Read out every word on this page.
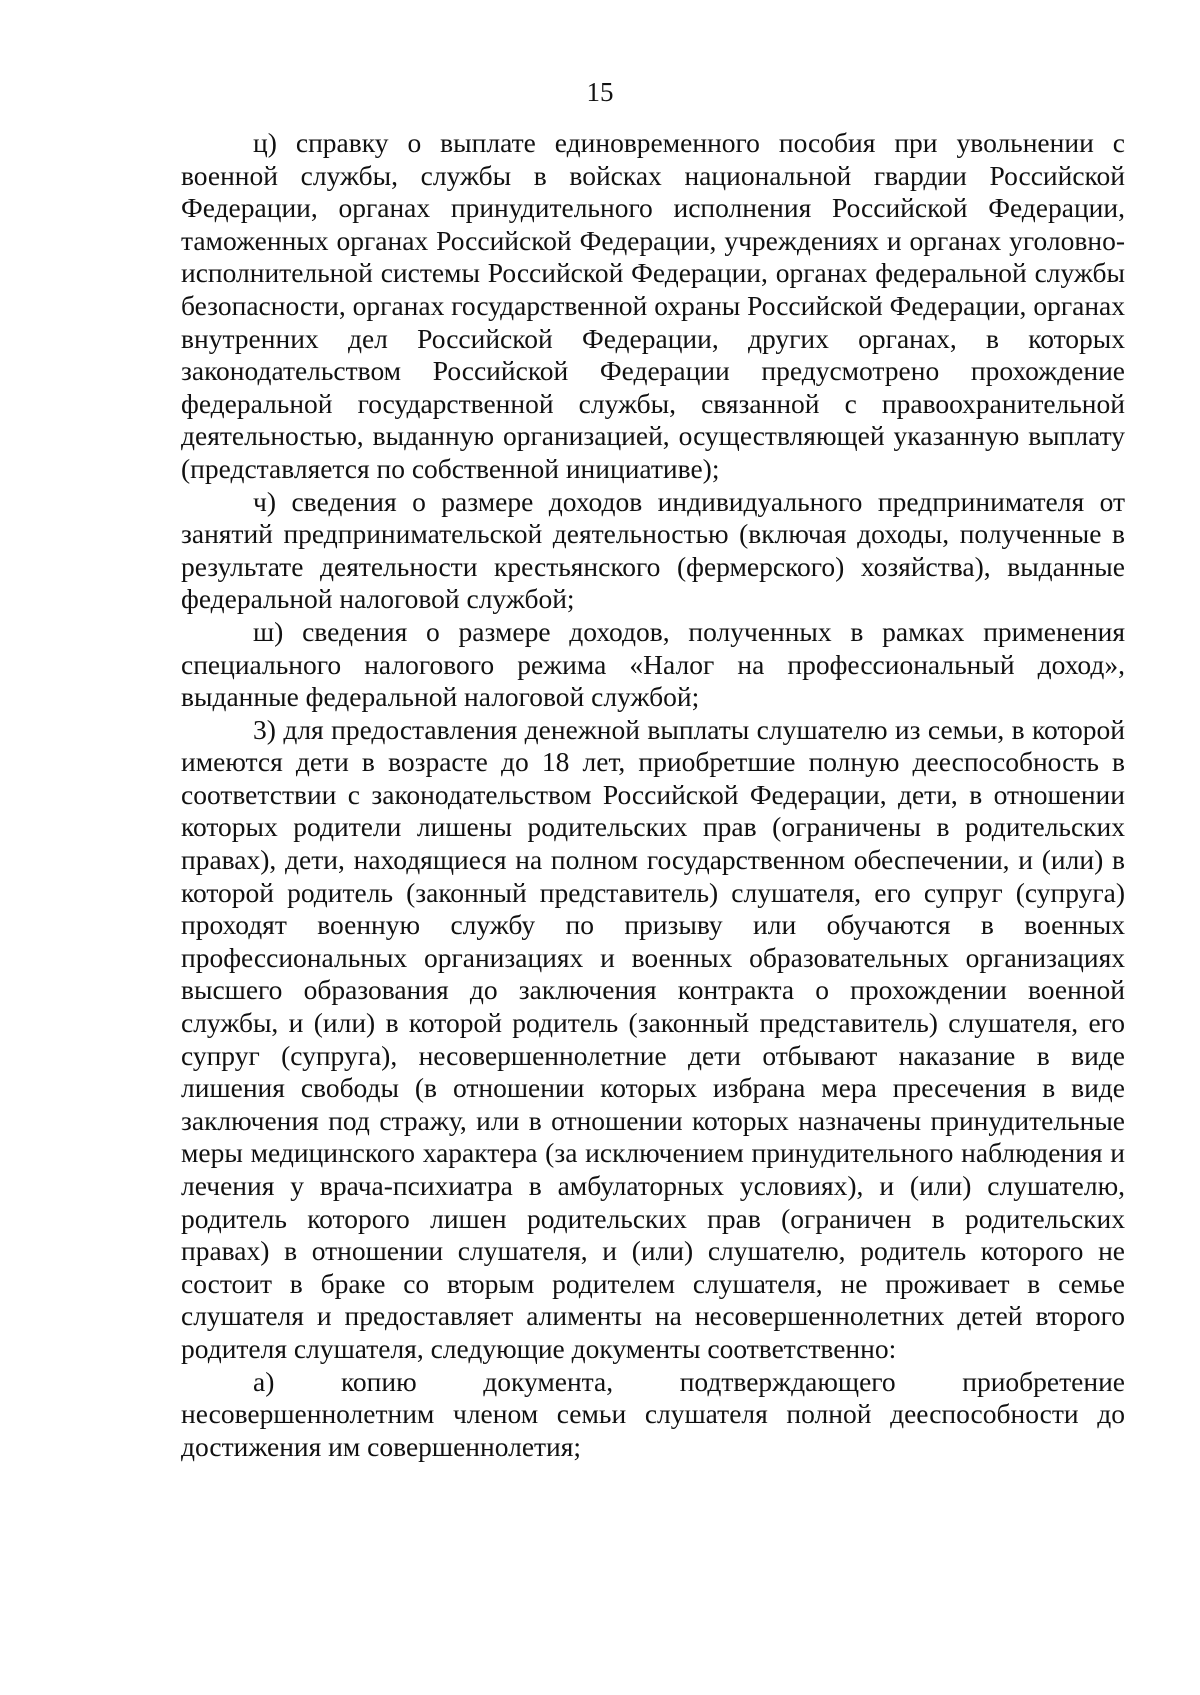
15

ц) справку о выплате единовременного пособия при увольнении с военной службы, службы в войсках национальной гвардии Российской Федерации, органах принудительного исполнения Российской Федерации, таможенных органах Российской Федерации, учреждениях и органах уголовно-исполнительной системы Российской Федерации, органах федеральной службы безопасности, органах государственной охраны Российской Федерации, органах внутренних дел Российской Федерации, других органах, в которых законодательством Российской Федерации предусмотрено прохождение федеральной государственной службы, связанной с правоохранительной деятельностью, выданную организацией, осуществляющей указанную выплату (представляется по собственной инициативе);

ч) сведения о размере доходов индивидуального предпринимателя от занятий предпринимательской деятельностью (включая доходы, полученные в результате деятельности крестьянского (фермерского) хозяйства), выданные федеральной налоговой службой;

ш) сведения о размере доходов, полученных в рамках применения специального налогового режима «Налог на профессиональный доход», выданные федеральной налоговой службой;

3) для предоставления денежной выплаты слушателю из семьи, в которой имеются дети в возрасте до 18 лет, приобретшие полную дееспособность в соответствии с законодательством Российской Федерации, дети, в отношении которых родители лишены родительских прав (ограничены в родительских правах), дети, находящиеся на полном государственном обеспечении, и (или) в которой родитель (законный представитель) слушателя, его супруг (супруга) проходят военную службу по призыву или обучаются в военных профессиональных организациях и военных образовательных организациях высшего образования до заключения контракта о прохождении военной службы, и (или) в которой родитель (законный представитель) слушателя, его супруг (супруга), несовершеннолетние дети отбывают наказание в виде лишения свободы (в отношении которых избрана мера пресечения в виде заключения под стражу, или в отношении которых назначены принудительные меры медицинского характера (за исключением принудительного наблюдения и лечения у врача-психиатра в амбулаторных условиях), и (или) слушателю, родитель которого лишен родительских прав (ограничен в родительских правах) в отношении слушателя, и (или) слушателю, родитель которого не состоит в браке со вторым родителем слушателя, не проживает в семье слушателя и предоставляет алименты на несовершеннолетних детей второго родителя слушателя, следующие документы соответственно:

а) копию документа, подтверждающего приобретение несовершеннолетним членом семьи слушателя полной дееспособности до достижения им совершеннолетия;
